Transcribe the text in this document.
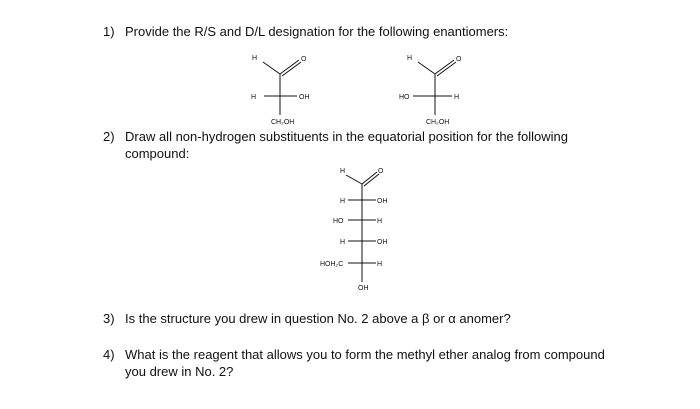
1) Provide the R/S and D/L designation for the following enantiomers:
2) Draw all non-hydrogen substituents in the equatorial position for the following
compound:
3) Is the structure you drew in question No. 2 above a β or α anomer?
4) What is the reagent that allows you to form the methyl ether analog from compound
you drew in No. 2?
H	O
H	OH
CH₂OH
H	O
HO	H
CH₂OH
H	O
H	OH
HO	H
H	OH
HOH₂C	H
OH
